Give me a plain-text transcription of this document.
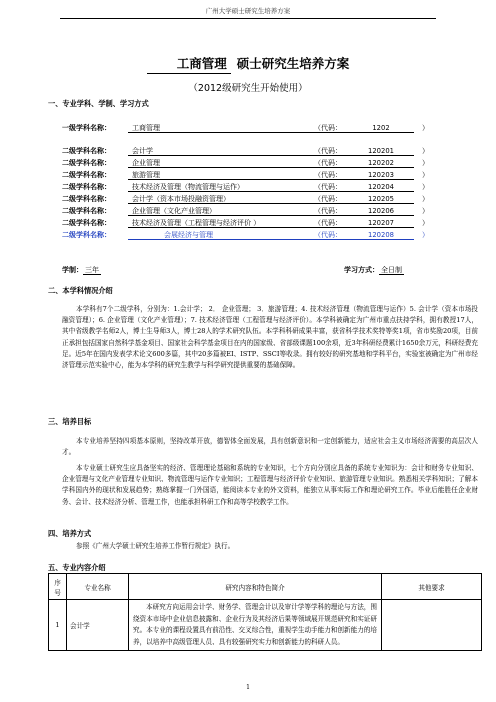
广州大学硕士研究生培养方案
工商管理 硕士研究生培养方案
（2012级研究生开始使用）
一、专业学科、学制、学习方式
一级学科名称：	工商管理	（代码：	1202	）
二级学科名称：	会计学	（代码：	120201	）
二级学科名称：	企业管理	（代码：	120202	）
二级学科名称：	旅游管理	（代码：	120203	）
二级学科名称：	技术经济及管理（物流管理与运作）	（代码：	120204	）
二级学科名称：	会计学（资本市场投融资管理）	（代码：	120205	）
二级学科名称：	企业管理（文化产业管理）	（代码：	120206	）
二级学科名称：	技术经济及管理（工程管理与经济评价 ）	（代码：	120207	）
二级学科名称：	会展经济与管理	（代码：	120208	）
学制： 三年	学习方式： 全日制
二、本学科情况介绍

本学科有7个二级学科，分别为：1.会计学； 2． 企业管理； 3．旅游管理；4. 技术经济管理（物流管理与运作）5. 会计学（资本市场投融资管理）；6. 企业管理（文化产业管理）；7. 技术经济管理（工程管理与经济评价）。本学科被确定为广州市重点扶持学科，拥有教授17人，其中省级教学名师2人，博士生导师3人，博士28人的学术研究队伍。本学科科研成果丰富，获省科学技术奖特等奖1项，省市奖励20项，目前正承担包括国家自然科学基金项目、国家社会科学基金项目在内的国家级、省部级课题100余项，近3年科研经费累计1650余万元，科研经费充足。近5年在国内发表学术论文600多篇，其中20多篇被EI、ISTP、SSCI等收录。拥有较好的研究基地和学科平台，实验室被确定为广州市经济管理示范实验中心，能为本学科的研究生教学与科学研究提供重要的基础保障。

三、培养目标

本专业培养坚持四项基本原则，坚持改革开放，德智体全面发展，具有创新意识和一定创新能力，适应社会主义市场经济需要的高层次人才。

本专业硕士研究生应具备坚实的经济、管理理论基础和系统的专业知识，七个方向分别应具备的系统专业知识为：会计和财务专业知识、企业管理与文化产业管理专业知识、物流管理与运作专业知识；工程管理与经济评价专业知识、旅游管理专业知识。熟悉相关学科知识；了解本学科国内外的现状和发展趋势；熟练掌握一门外国语，能阅读本专业的外文资料，能独立从事实际工作和理论研究工作。毕业后能胜任企业财务、会计、技术经济分析、管理工作，也能承担科研工作和高等学校教学工作。

四、培养方式

参照《广州大学硕士研究生培养工作暂行规定》执行。

五、专业内容介绍
序号	专业名称	研究内容和特色简介	其他要求
1	会计学	本研究方向运用会计学、财务学、管理会计以及审计学等学科的理论与方法，围绕资本市场中企业信息披露和、企业行为及其经济后果等领域展开规范研究和实证研究。本专业的课程设置具有前沿性、交叉综合性，重视学生动手能力和创新能力的培养，以培养中高级管理人员、具有较强研究实力和创新能力的科研人员。	
1
